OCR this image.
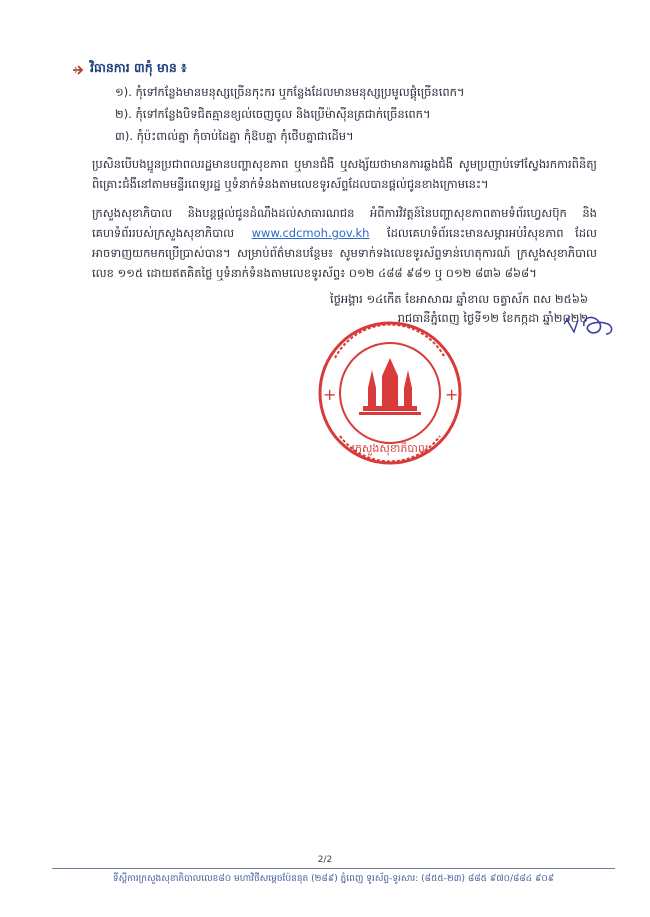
វិធានការ ៣កុំ មាន ៖
១). កុំទៅកន្លែងមានមនុស្សច្រើនកុះករ ឬកន្លែងដែលមានមនុស្សប្រមូលផ្តុំច្រើនពេក។
២). កុំទៅកន្លែងបិទជិតគ្មានខ្យល់ចេញចូល និងប្រើម៉ាស៊ីនត្រជាក់ច្រើនពេក។
៣). កុំប៉ះពាល់គ្នា កុំចាប់ដៃគ្នា កុំឱបគ្នា កុំថើបគ្នាជាដើម។
ប្រសិនបើបងប្អូនប្រជាពលរដ្ឋមានបញ្ហាសុខភាព ឬមានជំងឺ ឬសង្ស័យថាមានការឆ្លងជំងឺ សូមប្រញាប់ទៅស្វែងរកការពិនិត្យពិគ្រោះជំងឺនៅតាមមន្ទីរពេទ្យរដ្ឋ ឬទំនាក់ទំនងតាមលេខទូរស័ព្ទដែលបានផ្តល់ជូនខាងក្រោមនេះ។
ក្រសួងសុខាភិបាល និងបន្តផ្តល់ជូនដំណឹងដល់សាធារណជន អំពីការវិវត្តន៍នៃបញ្ហាសុខភាពតាមទំព័រហ្វេសប៊ុក និងគេហទំព័ររបស់ក្រសួងសុខាភិបាល www.cdcmoh.gov.kh ដែលគេហទំព័រនេះមានសម្ភារអប់រំសុខភាព ដែលអាចទាញយកមកប្រើប្រាស់បាន។ សម្រាប់ព័ត៌មានបន្ថែម៖ សូមទាក់ទងលេខទូរស័ព្ទទាន់ហេតុការណ៍ ក្រសួងសុខាភិបាល លេខ ១១៥ ដោយឥតគិតថ្លៃ ឬទំនាក់ទំនងតាមលេខទូរស័ព្ទ៖ ០១២ ៤៨៨ ៩៨១ ឬ ០១២ ៨៣៦ ៨៦៨។
ថ្ងៃអង្គារ ១៤កើត ខែអាសាឍ ឆ្នាំខាល ចត្វាស័ក ពស ២៥៦៦
រាជធានីភ្នំពេញ ថ្ងៃទី១២ ខែកក្កដា ឆ្នាំ២០២២
+	+
ក្រសួងសុខាភិបាល
2/2
ទីស្តីការក្រសួងសុខាភិបាលលេខ៨០ មហាវិថីសម្តេចប៉ែននុត (២៨៩) ភ្នំពេញ ទូរស័ព្ទ-ទូរសារ: (៨៥៥-២៣) ៨៨៥ ៩៧០/៨៨៤ ៩០៩
